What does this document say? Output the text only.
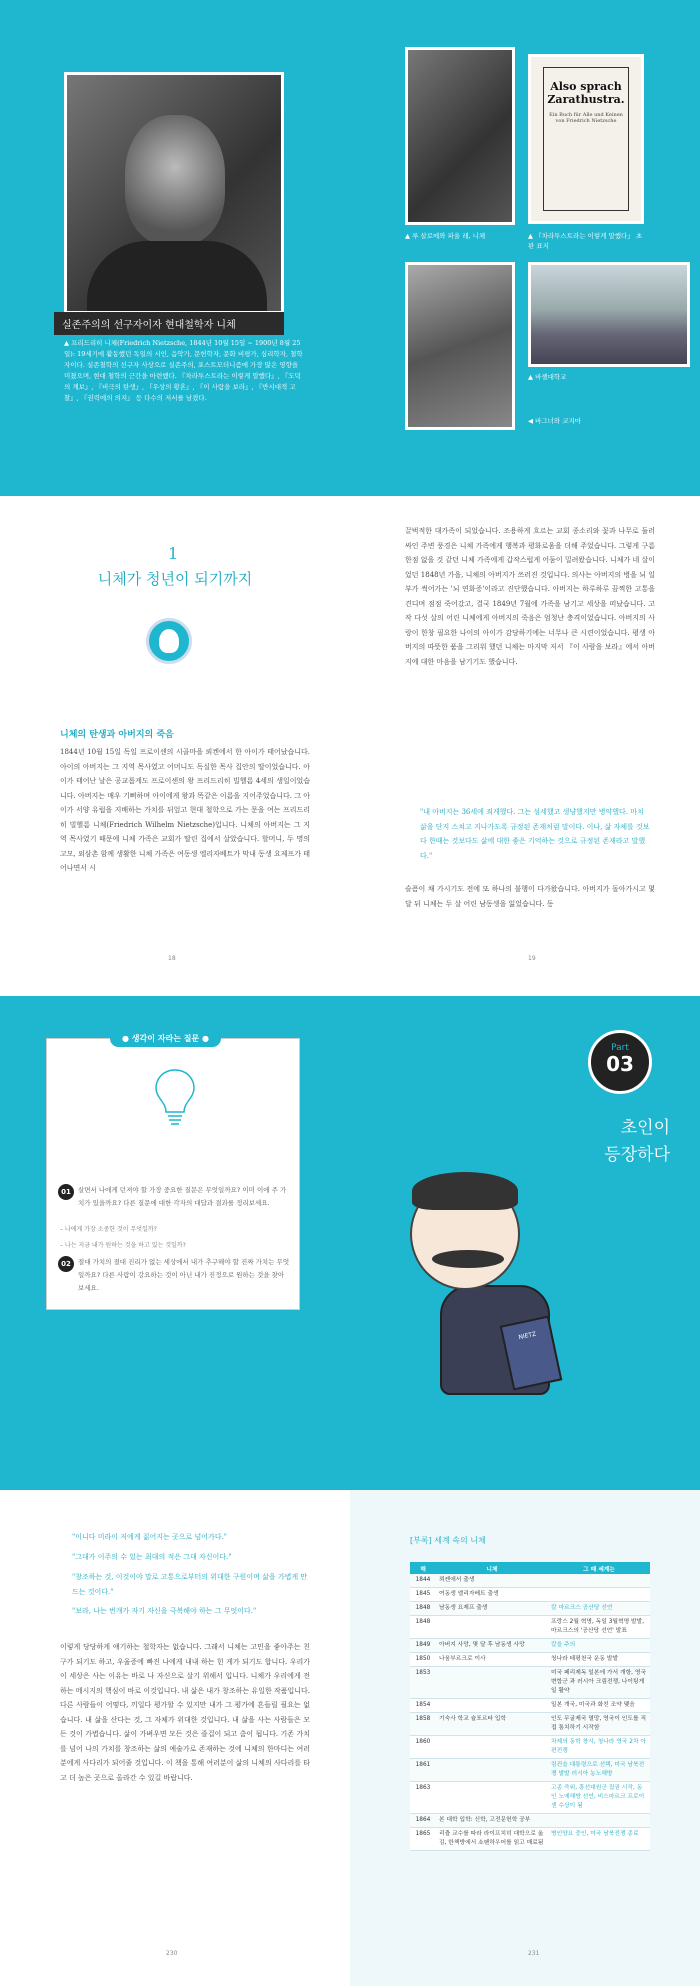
실존주의의 선구자이자 현대철학자 니체
▲ 프리드리히 니체(Friedrich Nietzsche, 1844년 10월 15일 ~ 1900년 8월 25일): 19세기에 활동했던 독일의 시인, 음악가, 문헌학자, 문화 비평가, 심리학자, 철학자이다. 실존철학의 선구자 사상으로 실존주의, 포스트모더니즘에 가장 많은 영향을 미쳤으며, 현대 철학의 근간을 마련했다. 『차라투스트라는 이렇게 말했다』, 『도덕의 계보』, 『비극의 탄생』, 『우상의 황혼』, 『이 사람을 보라』, 『반시대적 고찰』, 『권력에의 의지』 등 다수의 저서를 남겼다.
Also sprach Zarathustra.
Ein Buch für Alle und Keinen von Friedrich Nietzsche
▲ 루 살로메와 파울 레, 니체	▲ 『차라투스트라는 이렇게 말했다』 초판 표지
▲ 바젤대학교
◀ 바그너와 코지마
1
니체가 청년이 되기까지
니체의 탄생과 아버지의 죽음
1844년 10월 15일 독일 프로이센의 시골마을 뢰켄에서 한 아이가 태어났습니다. 아이의 아버지는 그 지역 목사였고 어머니도 독실한 목사 집안의 딸이었습니다. 아이가 태어난 날은 공교롭게도 프로이센의 왕 프리드리히 빌헬름 4세의 생일이었습니다. 아버지는 매우 기뻐하며 아이에게 왕과 똑같은 이름을 지어주었습니다. 그 아이가 서양 유럽을 지배하는 가치를 뒤엎고 현대 철학으로 가는 문을 여는 프리드리히 빌헬름 니체(Friedrich Wilhelm Nietzsche)입니다. 니체의 아버지는 그 지역 목사였기 때문에 니체 가족은 교회가 딸린 집에서 살았습니다. 할머니, 두 명의 고모, 외삼촌 함께 생활한 니체 가족은 여동생 엘리자베트가 막내 동생 요제프가 태어나면서 시
끌벅적한 대가족이 되었습니다. 조용하게 흐르는 교회 종소리와 꽃과 나무로 둘러싸인 주변 풍경은 니체 가족에게 행복과 평화로움을 더해 주었습니다. 그렇게 구름 한점 없을 것 같던 니체 가족에게 갑작스럽게 어둠이 밀려왔습니다. 니체가 네 살이었던 1848년 가을, 니체의 아버지가 쓰러진 것입니다. 의사는 아버지의 병을 뇌 일부가 썩어가는 '뇌 연화증'이라고 진단했습니다. 아버지는 하루하루 끔찍한 고통을 견디며 점점 죽어갔고, 결국 1849년 7월에 가족을 남기고 세상을 떠났습니다. 고작 다섯 살의 어린 니체에게 아버지의 죽음은 엄청난 충격이었습니다. 아버지의 사랑이 한창 필요한 나이의 아이가 감당하기에는 너무나 큰 시련이었습니다. 평생 아버지의 따뜻한 품을 그리워 했던 니체는 마지막 저서 『이 사람을 보라』에서 아버지에 대한 마음을 남기기도 했습니다.
"내 아버지는 36세에 죄게했다. 그는 섬세했고 생냥했지만 병약했다. 마치 삶을 단지 스쳐고 지나가도록 규정된 존재처럼 말이다. 이나, 삶 자체를 것보다 한때는 것보다도 삶에 대한 좋은 기억하는 것으로 규정된 존재라고 말했다."
슬픔이 채 가시기도 전에 또 하나의 불행이 다가왔습니다. 아버지가 돌아가시고 몇 달 뒤 니체는 두 살 어린 남동생을 잃었습니다. 동
18	19
● 생각이 자라는 질문 ●
01	살면서 나에게 던져야 할 가장 중요한 질문은 무엇일까요? 이미 이에 주 가치가 있을까요? 다른 질문에 대한 각자의 대답과 결과를 정리보세요.
– 나에게 가장 소중한 것이 무엇일까?
– 나는 지금 내가 원하는 것을 하고 있는 것일까?
02	절대 가치의 절대 진리가 없는 세상에서 내가 추구해야 할 진짜 가치는 무엇일까요? 다른 사람이 강요하는 것이 아닌 내가 진정으로 원하는 것을 찾아보세요.
Part
03
초인이
등장하다
NIETZ
"이니다 미라이 저에게 짊어지는 곳으로 넘어가다."
"그대가 이주의 수 있는 최대의 적은 그대 자신이다."
"창조하는 것, 이것이야 말로 고통으로부터의 위대한 구원이며 삶을 가볍게 만드는 것이다."
"보라, 나는 번개가 자기 자신을 극복해야 하는 그 무엇이다."
이렇게 당당하게 얘기하는 철학자는 없습니다. 그래서 니체는 고민을 좋아주는 친구가 되기도 하고, 우울증에 빠진 나에게 내내 하는 힌 게가 되기도 합니다. 우리가 이 세상은 사는 이유는 바로 나 자신으로 살기 위해서 입니다. 니체가 우리에게 전하는 메시지의 핵심이 바로 이것입니다. 내 삶은 내가 창조하는 유일한 작품입니다. 다른 사람들이 어떻다, 끼일다 평가할 수 있지만 내가 그 평가에 흔들릴 필요는 없습니다. 내 삶을 산다는 것, 그 자체가 위대한 것입니다. 내 삶을 사는 사람들은 모든 것이 가볍습니다. 삶이 가벼우면 모든 것은 즐겁이 되고 춤이 됩니다. 기존 가치를 넘어 나의 가치를 창조하는 삶의 예술가로 존재하는 것에 니체의 한마디는 여러분에게 사다리가 되어줄 것입니다. 이 책을 통해 여러분이 삶의 니체의 사다리를 타고 더 높은 곳으로 올라간 수 있길 바랍니다.
230	231
[부록] 세계 속의 니체
해	니체	그 때 세계는
1844	뢰켄에서 출생	
1845	여동생 엘리자베트 출생	
1848	남동생 요제프 출생	칼 마르크스 공산당 선언
1848		프랑스 2월 혁명, 독일 3월혁명 발발, 마르크스의 '공산당 선언' 발표
1849	아버지 사망, 몇 달 후 남동생 사망	칼을 주의
1850	나움부르크로 이사	청나라 태평천국 운동 발발
1853		미국 페리제독 일본에 가서 개항, 영국 변합군 과 러시아 크림전쟁, 나이팅게일 활약
1854		일본 개국, 미국과 화친 조약 맺음
1858	기숙사 학교 슐포르타 입학	인도 무굴제국 멸망, 영국이 인도를 직접 통치하기 시작함
1860		차제의 동학 창시, 청나라 영국 2차 아편전쟁
1861		링컨을 대통령으로 선택, 미국 남북전쟁 발발 러시아 농노해방
1863		고종 즉위, 흥선대원군 집권 시작, 동인 노예해방 선언, 비스마르크 프로이센 수상이 됨
1864	본 대학 입학: 신학, 고전문헌학 공부	
1865	리츨 교수를 따라 라이프치히 대학으로 옮김, 한책방에서 쇼펜하우어를 읽고 매료됨	병인양요 중인, 미국 남북전쟁 종료
